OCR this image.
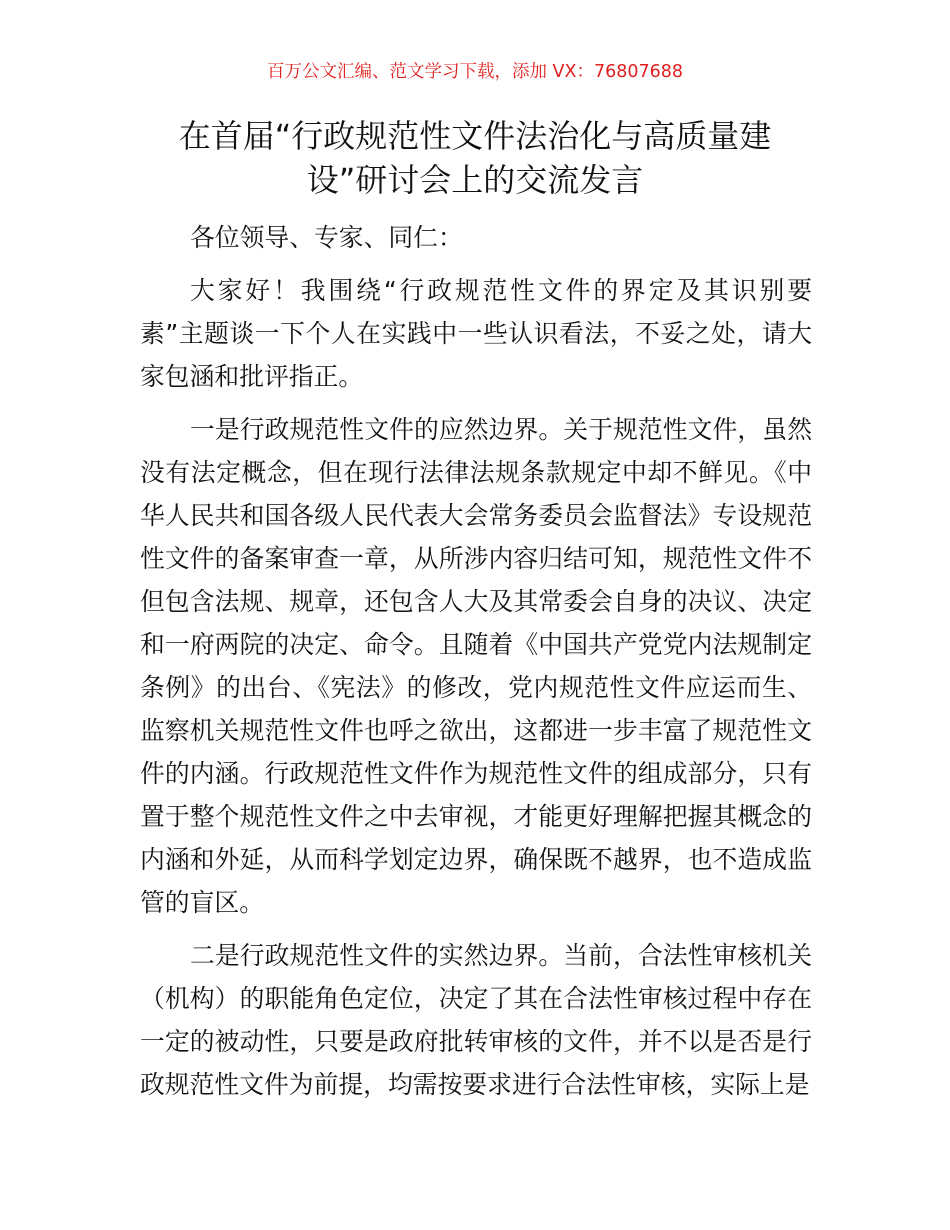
百万公文汇编、范文学习下载，添加 VX：76807688
在首届“行政规范性文件法治化与高质量建
设”研讨会上的交流发言
各位领导、专家、同仁：
大家好！我围绕“行政规范性文件的界定及其识别要
素”主题谈一下个人在实践中一些认识看法，不妥之处，请大
家包涵和批评指正。
一是行政规范性文件的应然边界。关于规范性文件，虽然
没有法定概念，但在现行法律法规条款规定中却不鲜见。《中
华人民共和国各级人民代表大会常务委员会监督法》专设规范
性文件的备案审查一章，从所涉内容归结可知，规范性文件不
但包含法规、规章，还包含人大及其常委会自身的决议、决定
和一府两院的决定、命令。且随着《中国共产党党内法规制定
条例》的出台、《宪法》的修改，党内规范性文件应运而生、
监察机关规范性文件也呼之欲出，这都进一步丰富了规范性文
件的内涵。行政规范性文件作为规范性文件的组成部分，只有
置于整个规范性文件之中去审视，才能更好理解把握其概念的
内涵和外延，从而科学划定边界，确保既不越界，也不造成监
管的盲区。
二是行政规范性文件的实然边界。当前，合法性审核机关
（机构）的职能角色定位，决定了其在合法性审核过程中存在
一定的被动性，只要是政府批转审核的文件，并不以是否是行
政规范性文件为前提，均需按要求进行合法性审核，实际上是
